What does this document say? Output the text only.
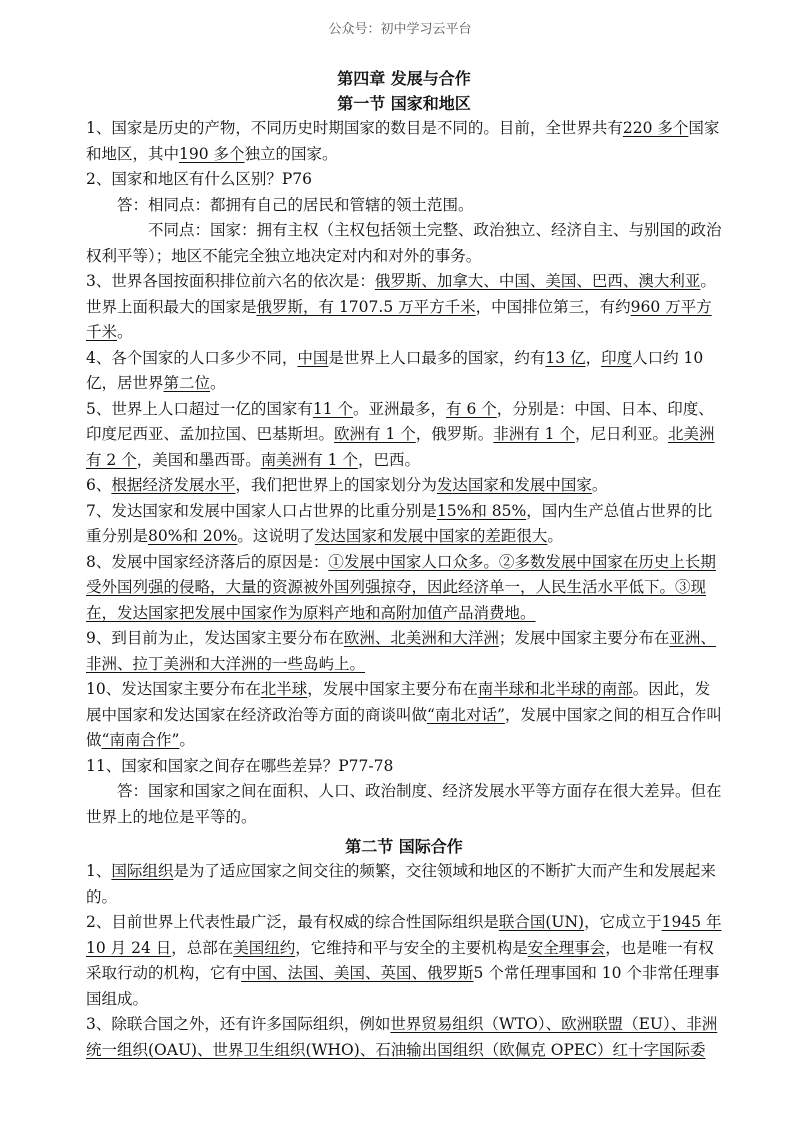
公众号：初中学习云平台
第四章 发展与合作
第一节 国家和地区

1、国家是历史的产物，不同历史时期国家的数目是不同的。目前，全世界共有220 多个国家和地区，其中190 多个独立的国家。

2、国家和地区有什么区别？P76

答：相同点：都拥有自己的居民和管辖的领土范围。

不同点：国家：拥有主权（主权包括领土完整、政治独立、经济自主、与别国的政治权利平等）；地区不能完全独立地决定对内和对外的事务。

3、世界各国按面积排位前六名的依次是：俄罗斯、加拿大、中国、美国、巴西、澳大利亚。世界上面积最大的国家是俄罗斯，有 1707.5 万平方千米，中国排位第三，有约960 万平方千米。

4、各个国家的人口多少不同，中国是世界上人口最多的国家，约有13 亿，印度人口约 10 亿，居世界第二位。

5、世界上人口超过一亿的国家有11 个。亚洲最多，有 6 个，分别是：中国、日本、印度、印度尼西亚、孟加拉国、巴基斯坦。欧洲有 1 个，俄罗斯。非洲有 1 个，尼日利亚。北美洲有 2 个，美国和墨西哥。南美洲有 1 个，巴西。

6、根据经济发展水平，我们把世界上的国家划分为发达国家和发展中国家。

7、发达国家和发展中国家人口占世界的比重分别是15%和 85%，国内生产总值占世界的比重分别是80%和 20%。这说明了发达国家和发展中国家的差距很大。

8、发展中国家经济落后的原因是：①发展中国家人口众多。②多数发展中国家在历史上长期受外国列强的侵略，大量的资源被外国列强掠夺，因此经济单一，人民生活水平低下。③现在，发达国家把发展中国家作为原料产地和高附加值产品消费地。

9、到目前为止，发达国家主要分布在欧洲、北美洲和大洋洲；发展中国家主要分布在亚洲、非洲、拉丁美洲和大洋洲的一些岛屿上。

10、发达国家主要分布在北半球，发展中国家主要分布在南半球和北半球的南部。因此，发展中国家和发达国家在经济政治等方面的商谈叫做“南北对话”，发展中国家之间的相互合作叫做“南南合作”。

11、国家和国家之间存在哪些差异？P77-78

答：国家和国家之间在面积、人口、政治制度、经济发展水平等方面存在很大差异。但在世界上的地位是平等的。

第二节 国际合作

1、国际组织是为了适应国家之间交往的频繁，交往领域和地区的不断扩大而产生和发展起来的。

2、目前世界上代表性最广泛，最有权威的综合性国际组织是联合国(UN)，它成立于1945 年 10 月 24 日，总部在美国纽约，它维持和平与安全的主要机构是安全理事会，也是唯一有权采取行动的机构，它有中国、法国、美国、英国、俄罗斯5 个常任理事国和 10 个非常任理事国组成。

3、除联合国之外，还有许多国际组织，例如世界贸易组织（WTO）、欧洲联盟（EU）、非洲统一组织(OAU)、世界卫生组织(WHO)、石油输出国组织（欧佩克 OPEC）红十字国际委
